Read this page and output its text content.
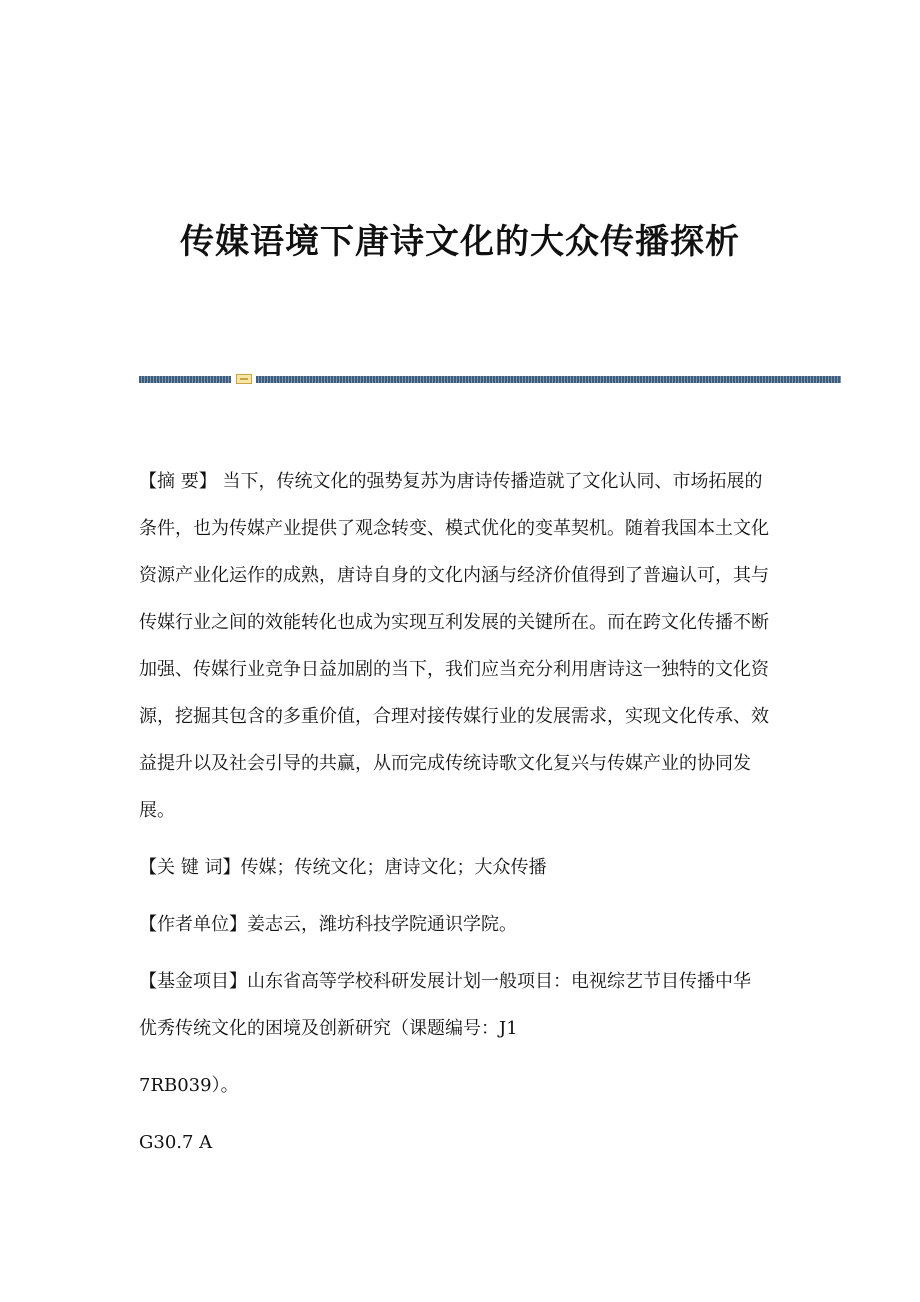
传媒语境下唐诗文化的大众传播探析

【摘 要】 当下，传统文化的强势复苏为唐诗传播造就了文化认同、市场拓展的条件，也为传媒产业提供了观念转变、模式优化的变革契机。随着我国本土文化资源产业化运作的成熟，唐诗自身的文化内涵与经济价值得到了普遍认可，其与传媒行业之间的效能转化也成为实现互利发展的关键所在。而在跨文化传播不断加强、传媒行业竞争日益加剧的当下，我们应当充分利用唐诗这一独特的文化资源，挖掘其包含的多重价值，合理对接传媒行业的发展需求，实现文化传承、效益提升以及社会引导的共赢，从而完成传统诗歌文化复兴与传媒产业的协同发展。

【关 键 词】传媒；传统文化；唐诗文化；大众传播

【作者单位】姜志云，潍坊科技学院通识学院。

【基金项目】山东省高等学校科研发展计划一般项目：电视综艺节目传播中华
优秀传统文化的困境及创新研究（课题编号：J1

7RB039）。

G30.7 A
